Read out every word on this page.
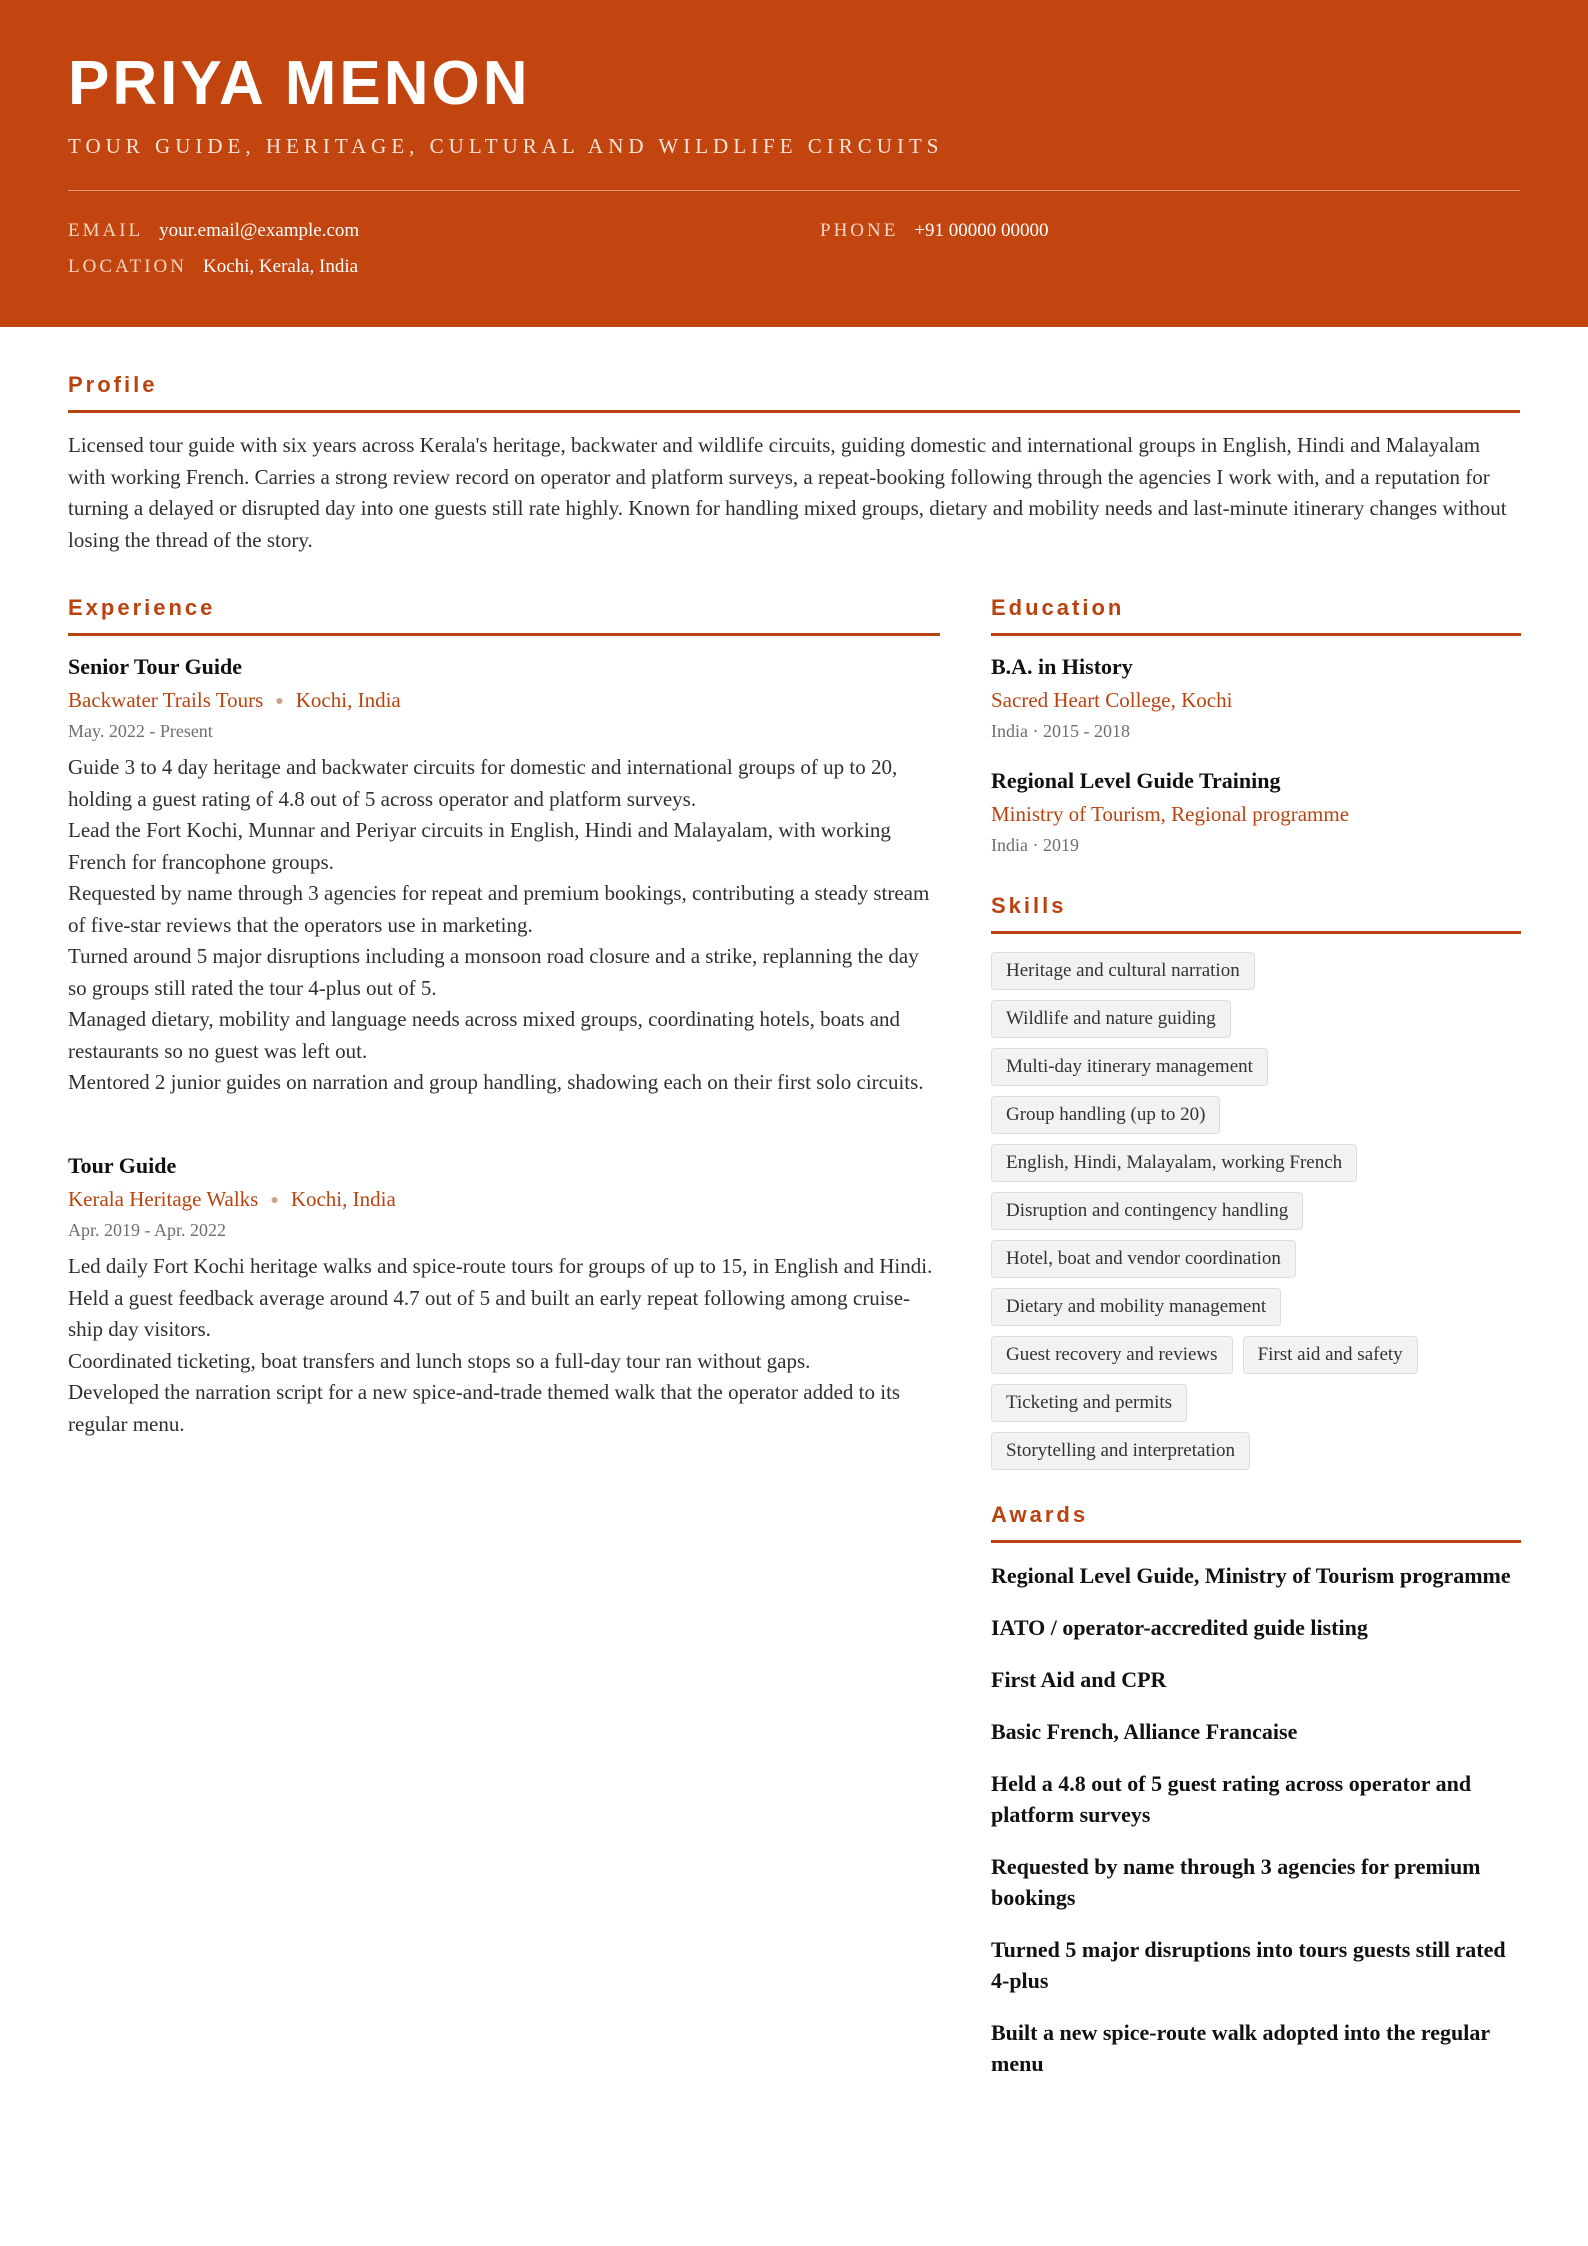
PRIYA MENON
TOUR GUIDE, HERITAGE, CULTURAL AND WILDLIFE CIRCUITS
EMAIL your.email@example.com	PHONE +91 00000 00000
LOCATION Kochi, Kerala, India
Profile
Licensed tour guide with six years across Kerala's heritage, backwater and wildlife circuits, guiding domestic and international groups in English, Hindi and Malayalam with working French. Carries a strong review record on operator and platform surveys, a repeat-booking following through the agencies I work with, and a reputation for turning a delayed or disrupted day into one guests still rate highly. Known for handling mixed groups, dietary and mobility needs and last-minute itinerary changes without losing the thread of the story.
Experience
Senior Tour Guide
Backwater Trails Tours ● Kochi, India
May. 2022 - Present
Guide 3 to 4 day heritage and backwater circuits for domestic and international groups of up to 20, holding a guest rating of 4.8 out of 5 across operator and platform surveys.
Lead the Fort Kochi, Munnar and Periyar circuits in English, Hindi and Malayalam, with working French for francophone groups.
Requested by name through 3 agencies for repeat and premium bookings, contributing a steady stream of five-star reviews that the operators use in marketing.
Turned around 5 major disruptions including a monsoon road closure and a strike, replanning the day so groups still rated the tour 4-plus out of 5.
Managed dietary, mobility and language needs across mixed groups, coordinating hotels, boats and restaurants so no guest was left out.
Mentored 2 junior guides on narration and group handling, shadowing each on their first solo circuits.
Tour Guide
Kerala Heritage Walks ● Kochi, India
Apr. 2019 - Apr. 2022
Led daily Fort Kochi heritage walks and spice-route tours for groups of up to 15, in English and Hindi.
Held a guest feedback average around 4.7 out of 5 and built an early repeat following among cruise-ship day visitors.
Coordinated ticketing, boat transfers and lunch stops so a full-day tour ran without gaps.
Developed the narration script for a new spice-and-trade themed walk that the operator added to its regular menu.
Education
B.A. in History
Sacred Heart College, Kochi
India · 2015 - 2018
Regional Level Guide Training
Ministry of Tourism, Regional programme
India · 2019
Skills
Heritage and cultural narration
Wildlife and nature guiding
Multi-day itinerary management
Group handling (up to 20)
English, Hindi, Malayalam, working French
Disruption and contingency handling
Hotel, boat and vendor coordination
Dietary and mobility management
Guest recovery and reviews	First aid and safety
Ticketing and permits
Storytelling and interpretation
Awards
Regional Level Guide, Ministry of Tourism programme
IATO / operator-accredited guide listing
First Aid and CPR
Basic French, Alliance Francaise
Held a 4.8 out of 5 guest rating across operator and platform surveys
Requested by name through 3 agencies for premium bookings
Turned 5 major disruptions into tours guests still rated 4-plus
Built a new spice-route walk adopted into the regular menu
